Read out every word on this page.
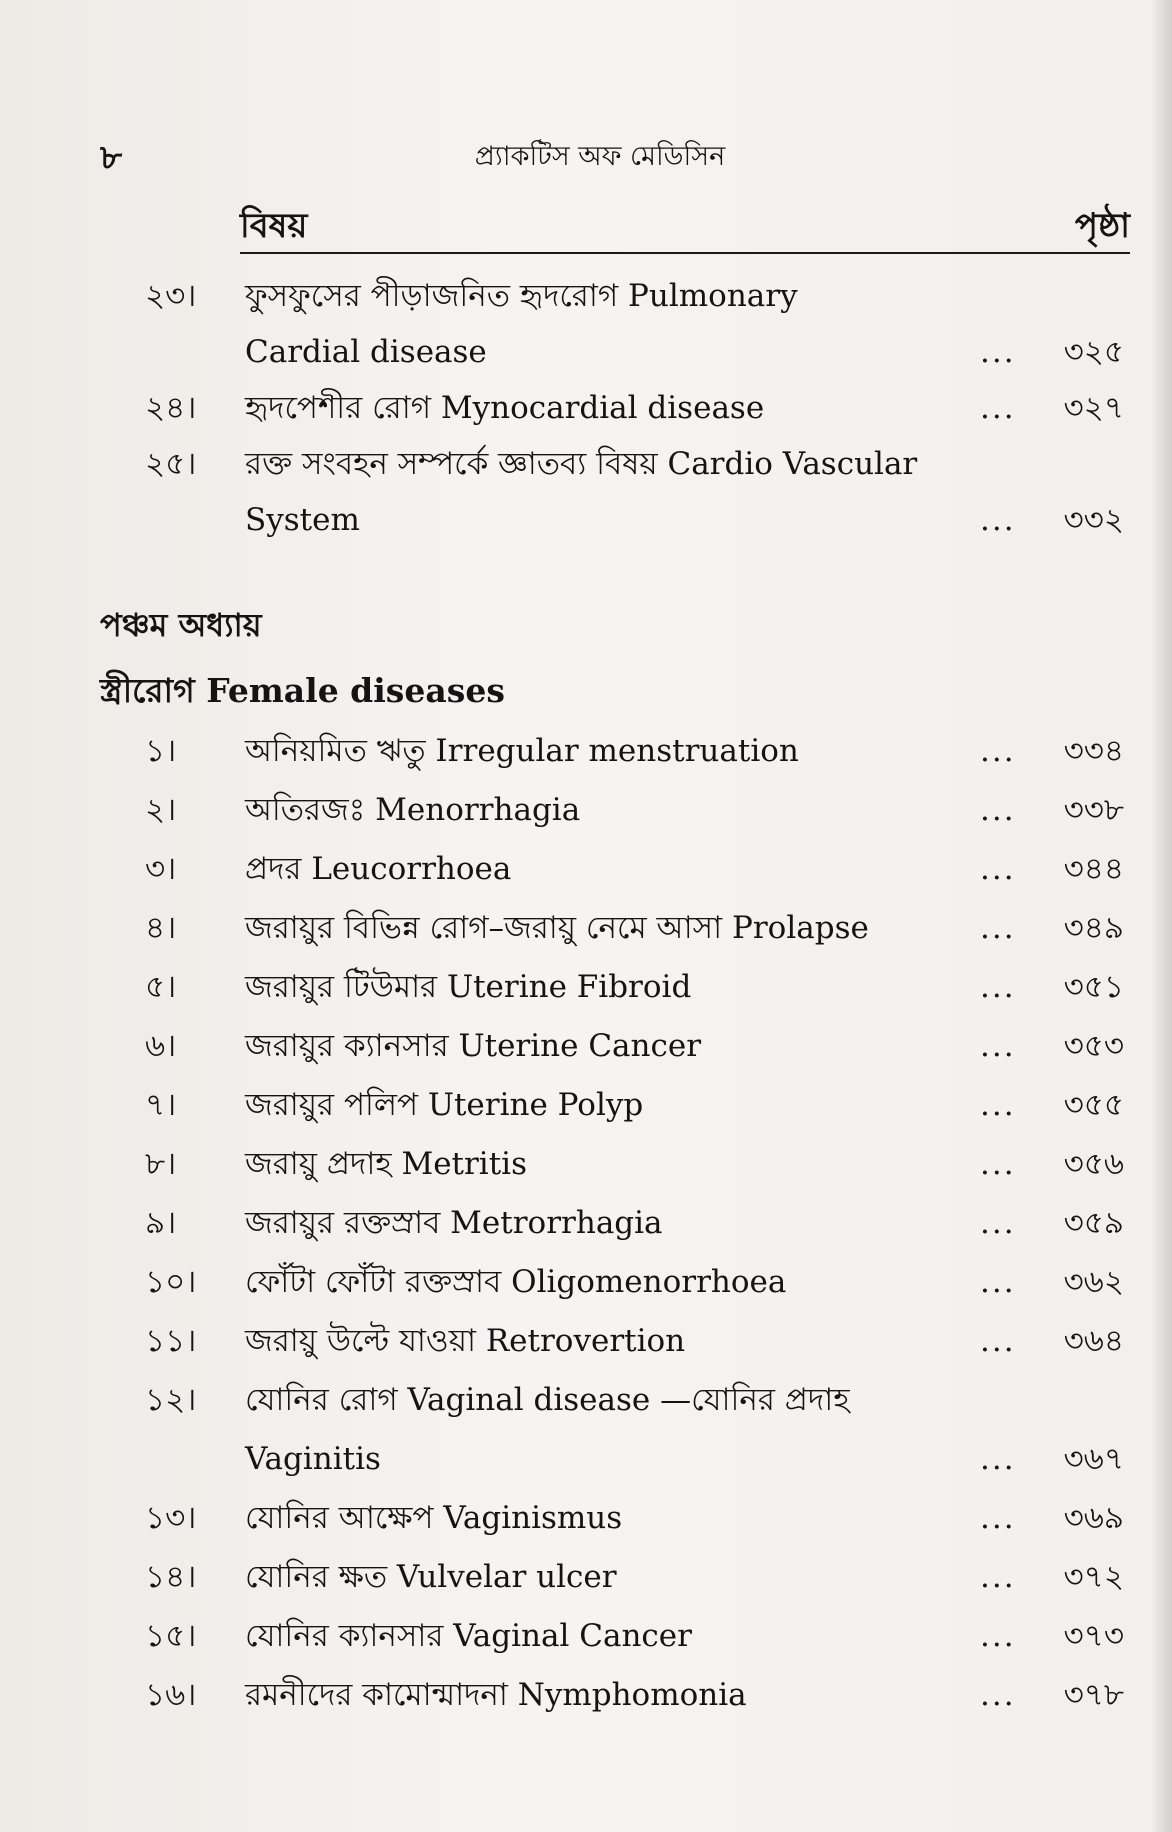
৮	প্র্যাকটিস অফ মেডিসিন
বিষয়	পৃষ্ঠা
২৩।	ফুসফুসের পীড়াজনিত হৃদরোগ Pulmonary
Cardial disease	... ৩২৫
২৪।	হৃদপেশীর রোগ Mynocardial disease	... ৩২৭
২৫।	রক্ত সংবহন সম্পর্কে জ্ঞাতব্য বিষয় Cardio Vascular
System	... ৩৩২
পঞ্চম অধ্যায়
স্ত্রীরোগ Female diseases
১।	অনিয়মিত ঋতু Irregular menstruation	... ৩৩৪
২।	অতিরজঃ Menorrhagia	... ৩৩৮
৩।	প্রদর Leucorrhoea	... ৩৪৪
৪।	জরায়ুর বিভিন্ন রোগ–জরায়ু নেমে আসা Prolapse	... ৩৪৯
৫।	জরায়ুর টিউমার Uterine Fibroid	... ৩৫১
৬।	জরায়ুর ক্যানসার Uterine Cancer	... ৩৫৩
৭।	জরায়ুর পলিপ Uterine Polyp	... ৩৫৫
৮।	জরায়ু প্রদাহ Metritis	... ৩৫৬
৯।	জরায়ুর রক্তস্রাব Metrorrhagia	... ৩৫৯
১০।	ফোঁটা ফোঁটা রক্তস্রাব Oligomenorrhoea	... ৩৬২
১১।	জরায়ু উল্টে যাওয়া Retrovertion	... ৩৬৪
১২।	যোনির রোগ Vaginal disease —যোনির প্রদাহ
Vaginitis	... ৩৬৭
১৩।	যোনির আক্ষেপ Vaginismus	... ৩৬৯
১৪।	যোনির ক্ষত Vulvelar ulcer	... ৩৭২
১৫।	যোনির ক্যানসার Vaginal Cancer	... ৩৭৩
১৬।	রমনীদের কামোন্মাদনা Nymphomonia	... ৩৭৮
